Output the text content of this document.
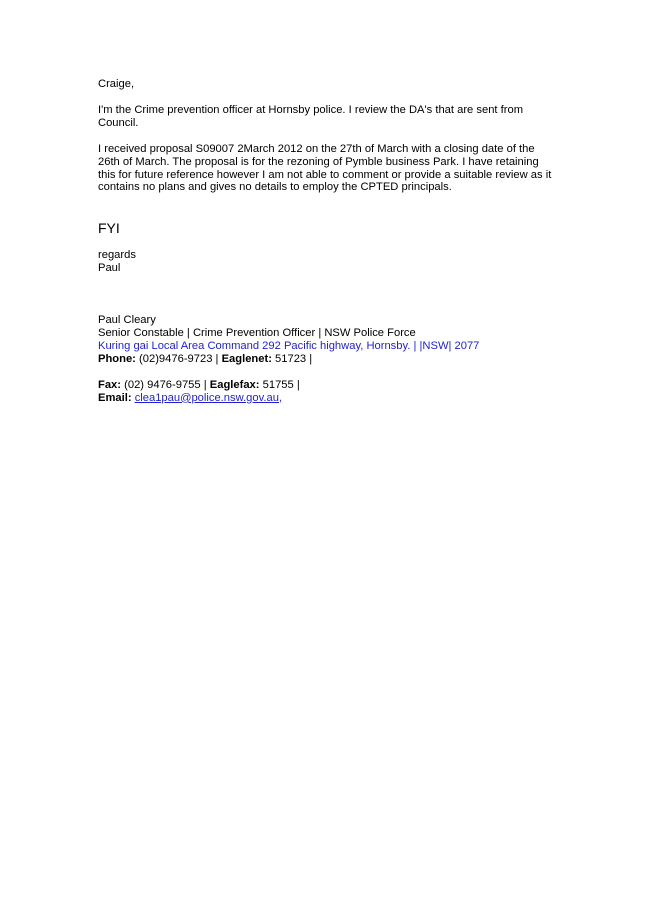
Craige,

I'm the Crime prevention officer at Hornsby police. I review the DA's that are sent from Council.

I received proposal S09007 2March 2012 on the 27th of March with a closing date of the 26th of March. The proposal is for the rezoning of Pymble business Park. I have retaining this for future reference however I am not able to comment or provide a suitable review as it contains no plans and gives no details to employ the CPTED principals.

FYI

regards

Paul

Paul Cleary

Senior Constable | Crime Prevention Officer | NSW Police Force

Kuring gai Local Area Command 292 Pacific highway, Hornsby. | |NSW| 2077

Phone: (02)9476-9723 | Eaglenet: 51723 |

Fax: (02) 9476-9755 | Eaglefax: 51755 |

Email: clea1pau@police.nsw.gov.au,
